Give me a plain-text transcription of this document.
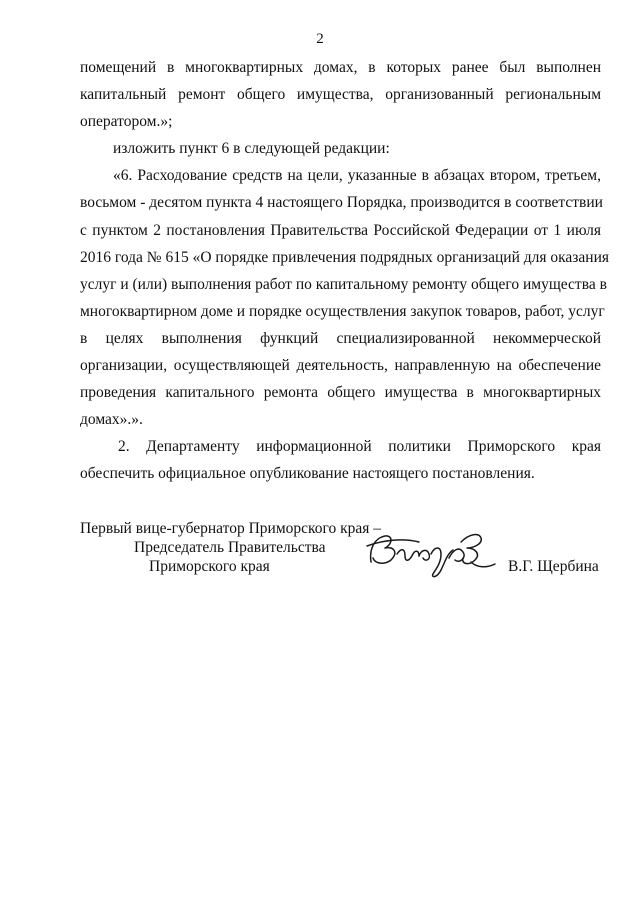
2
помещений в многоквартирных домах, в которых ранее был выполнен
капитальный ремонт общего имущества, организованный региональным
оператором.»;
изложить пункт 6 в следующей редакции:
«6. Расходование средств на цели, указанные в абзацах втором, третьем,
восьмом - десятом пункта 4 настоящего Порядка, производится в соответствии
с пунктом 2 постановления Правительства Российской Федерации от 1 июля
2016 года № 615 «О порядке привлечения подрядных организаций для оказания
услуг и (или) выполнения работ по капитальному ремонту общего имущества в
многоквартирном доме и порядке осуществления закупок товаров, работ, услуг
в целях выполнения функций специализированной некоммерческой
организации, осуществляющей деятельность, направленную на обеспечение
проведения капитального ремонта общего имущества в многоквартирных
домах».».
2. Департаменту информационной политики Приморского края
обеспечить официальное опубликование настоящего постановления.
Первый вице-губернатор Приморского края –
Председатель Правительства
Приморского края	В.Г. Щербина
